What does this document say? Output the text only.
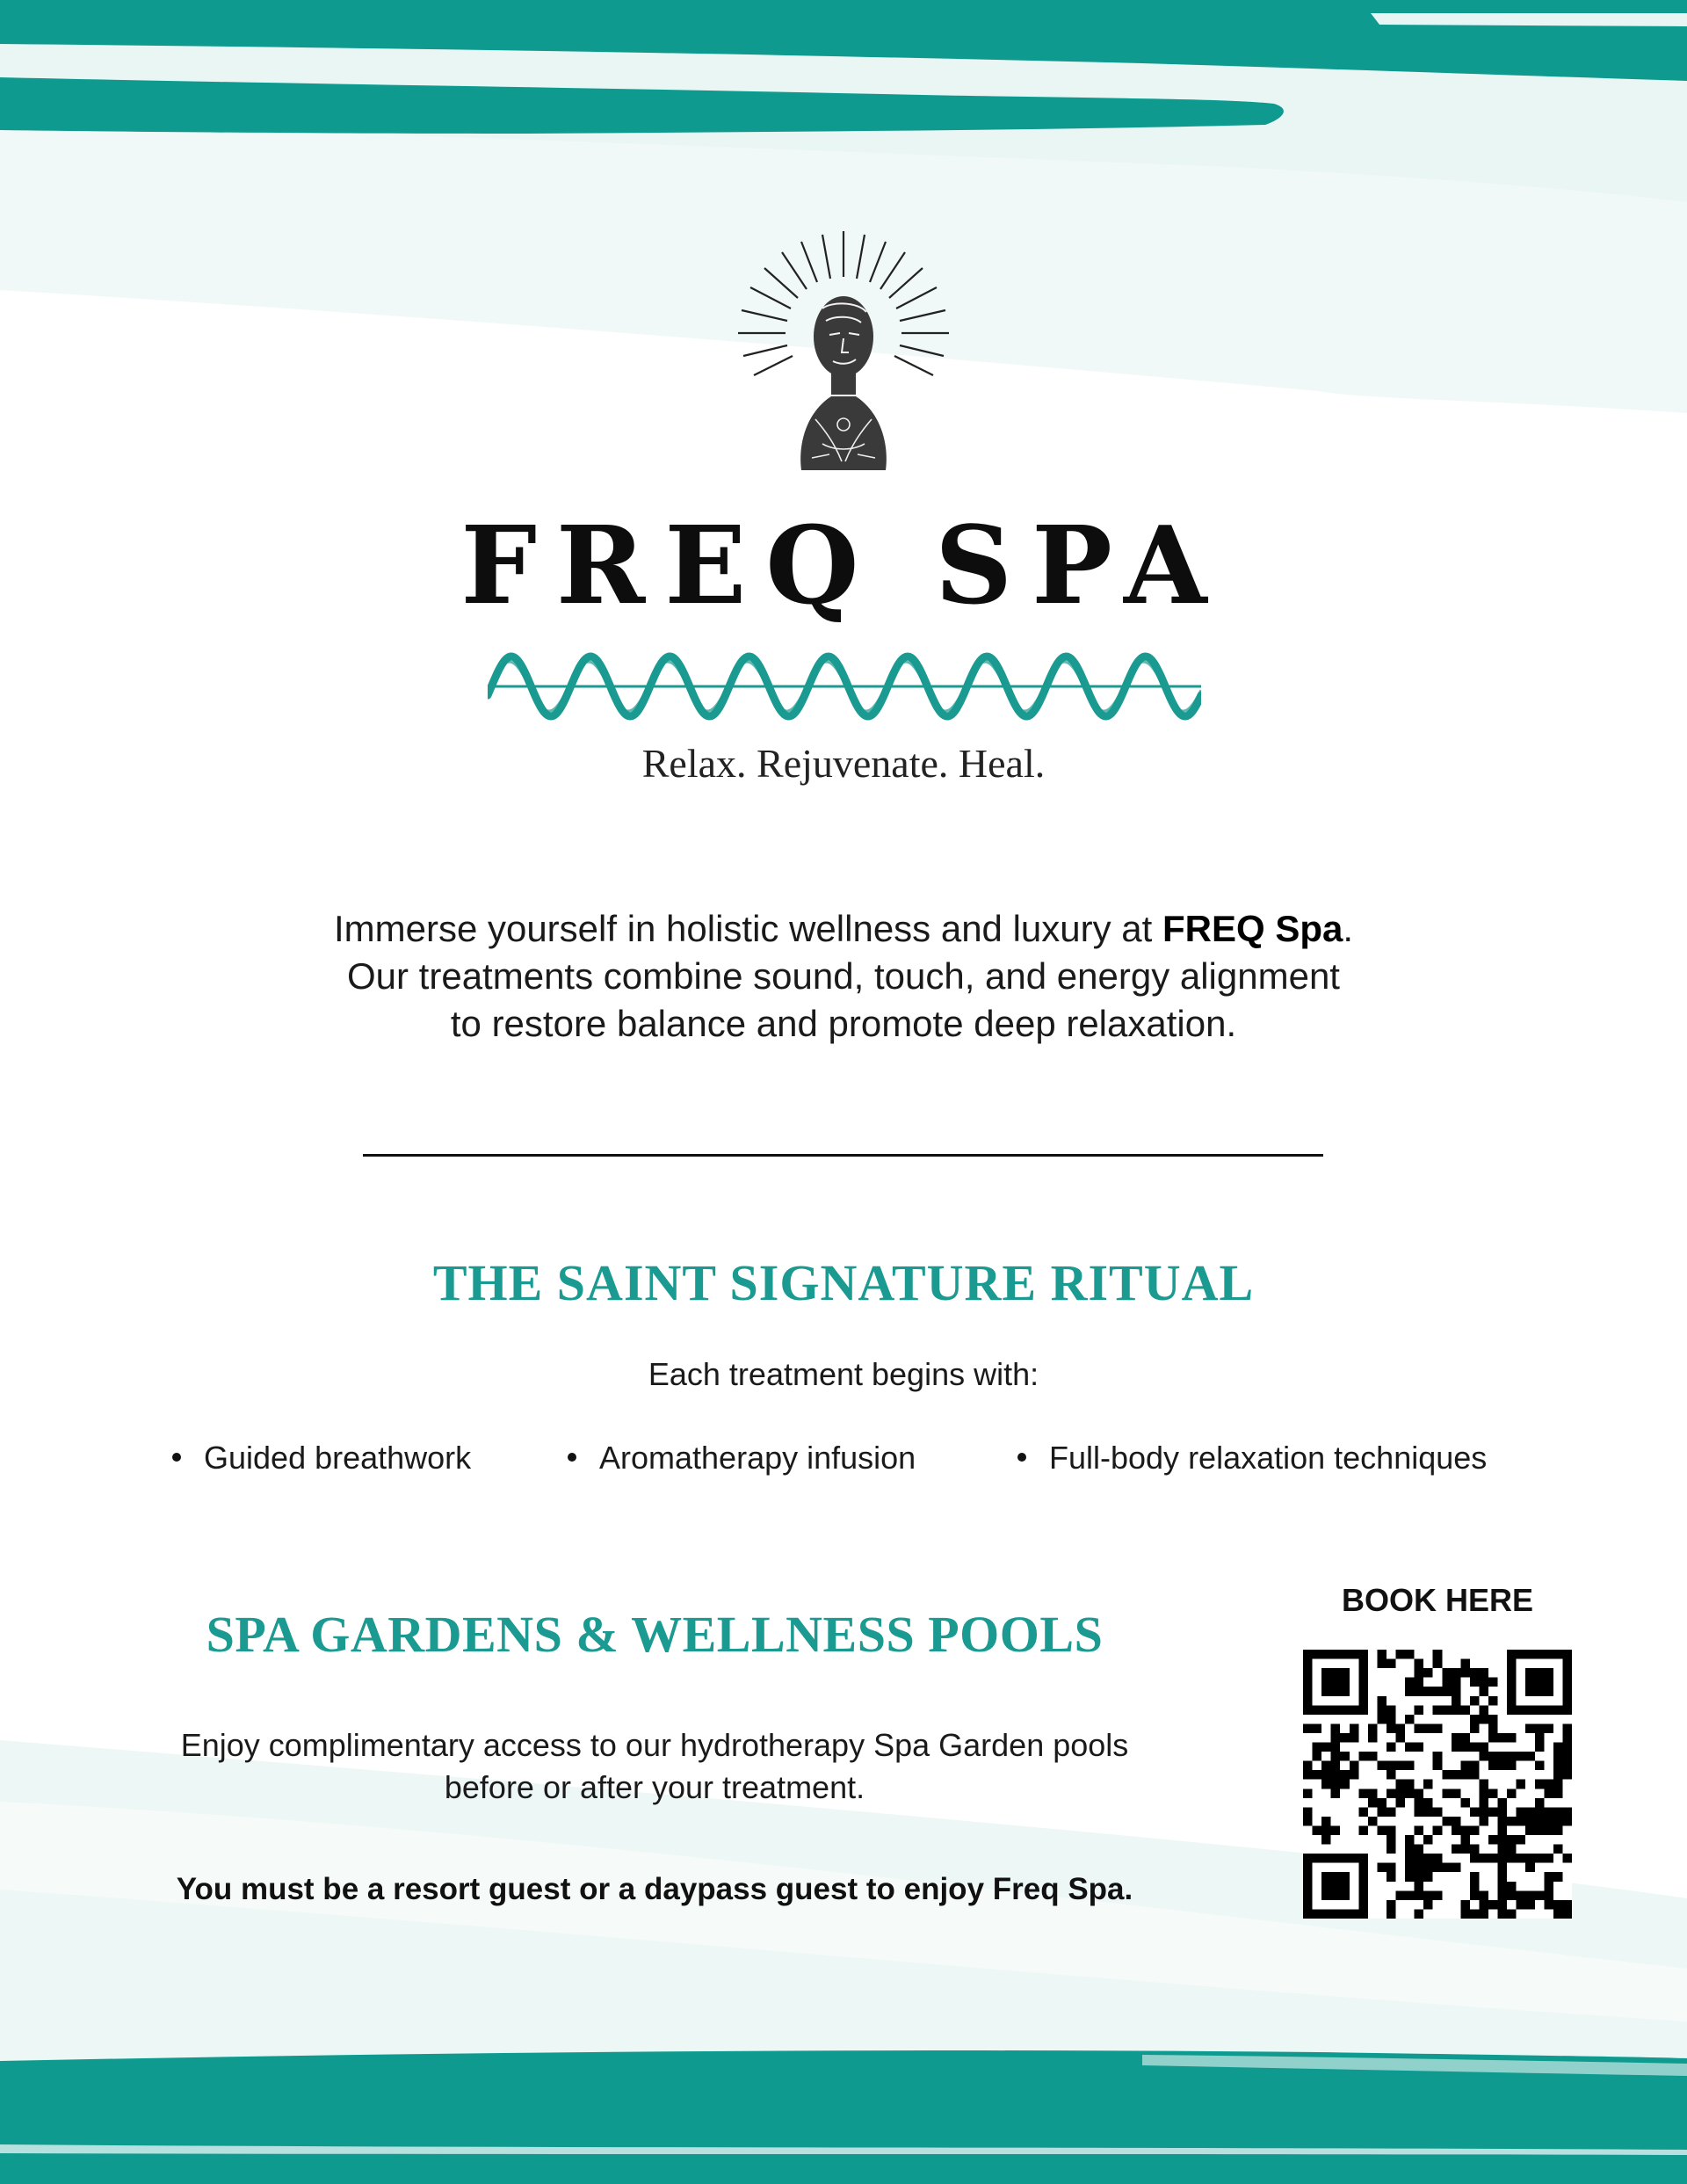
FREQ SPA
Relax. Rejuvenate. Heal.
Immerse yourself in holistic wellness and luxury at FREQ Spa.
Our treatments combine sound, touch, and energy alignment
to restore balance and promote deep relaxation.
THE SAINT SIGNATURE RITUAL
Each treatment begins with:
Guided breathwork	Aromatherapy infusion	Full-body relaxation techniques
SPA GARDENS & WELLNESS POOLS
Enjoy complimentary access to our hydrotherapy Spa Garden pools
before or after your treatment.
You must be a resort guest or a daypass guest to enjoy Freq Spa.
BOOK HERE
